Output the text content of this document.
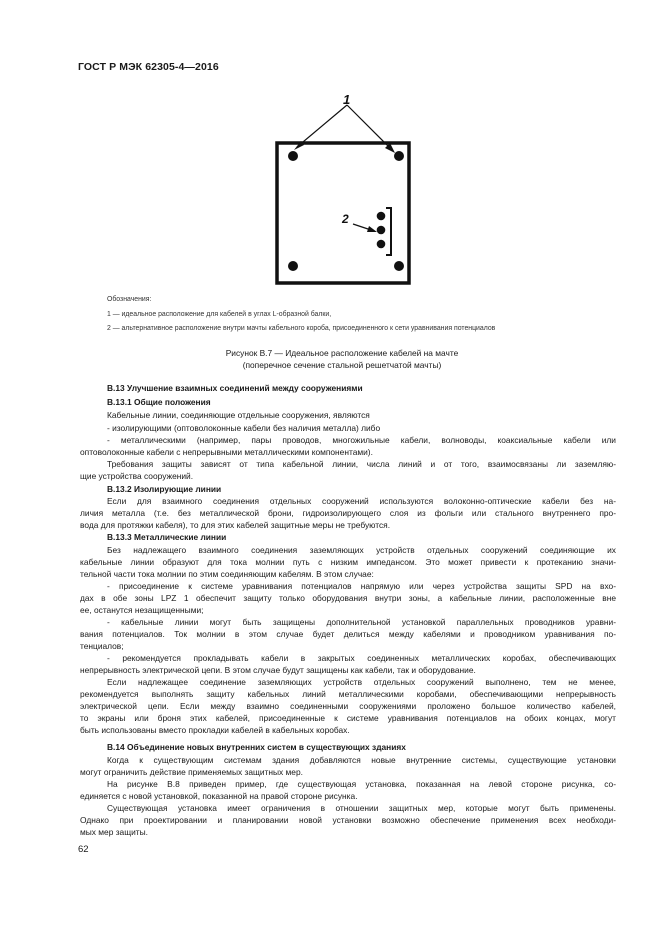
ГОСТ Р МЭК 62305-4—2016
1
2
Обозначения:
1 — идеальное расположение для кабелей в углах L-образной балки,
2 — альтернативное расположение внутри мачты кабельного короба, присоединенного к сети уравнивания потенциалов
Рисунок В.7 — Идеальное расположение кабелей на мачте
(поперечное сечение стальной решетчатой мачты)
В.13 Улучшение взаимных соединений между сооружениями
В.13.1 Общие положения
Кабельные линии, соединяющие отдельные сооружения, являются
- изолирующими (оптоволоконные кабели без наличия металла) либо
- металлическими (например, пары проводов, многожильные кабели, волноводы, коаксиальные кабели или
оптоволоконные кабели с непрерывными металлическими компонентами).
Требования защиты зависят от типа кабельной линии, числа линий и от того, взаимосвязаны ли заземляю-
щие устройства сооружений.
В.13.2 Изолирующие линии
Если для взаимного соединения отдельных сооружений используются волоконно-оптические кабели без на-
личия металла (т.е. без металлической брони, гидроизолирующего слоя из фольги или стального внутреннего про-
вода для протяжки кабеля), то для этих кабелей защитные меры не требуются.
В.13.3 Металлические линии
Без надлежащего взаимного соединения заземляющих устройств отдельных сооружений соединяющие их
кабельные линии образуют для тока молнии путь с низким импедансом. Это может привести к протеканию значи-
тельной части тока молнии по этим соединяющим кабелям. В этом случае:
- присоединение к системе уравнивания потенциалов напрямую или через устройства защиты SPD на вхо-
дах в обе зоны LPZ 1 обеспечит защиту только оборудования внутри зоны, а кабельные линии, расположенные вне
ее, останутся незащищенными;
- кабельные линии могут быть защищены дополнительной установкой параллельных проводников уравни-
вания потенциалов. Ток молнии в этом случае будет делиться между кабелями и проводником уравнивания по-
тенциалов;
- рекомендуется прокладывать кабели в закрытых соединенных металлических коробах, обеспечивающих
непрерывность электрической цепи. В этом случае будут защищены как кабели, так и оборудование.
Если надлежащее соединение заземляющих устройств отдельных сооружений выполнено, тем не менее,
рекомендуется выполнять защиту кабельных линий металлическими коробами, обеспечивающими непрерывность
электрической цепи. Если между взаимно соединенными сооружениями проложено большое количество кабелей,
то экраны или броня этих кабелей, присоединенные к системе уравнивания потенциалов на обоих концах, могут
быть использованы вместо прокладки кабелей в кабельных коробах.
В.14 Объединение новых внутренних систем в существующих зданиях
Когда к существующим системам здания добавляются новые внутренние системы, существующие установки
могут ограничить действие применяемых защитных мер.
На рисунке В.8 приведен пример, где существующая установка, показанная на левой стороне рисунка, со-
единяется с новой установкой, показанной на правой стороне рисунка.
Существующая установка имеет ограничения в отношении защитных мер, которые могут быть применены.
Однако при проектировании и планировании новой установки возможно обеспечение применения всех необходи-
мых мер защиты.
62
